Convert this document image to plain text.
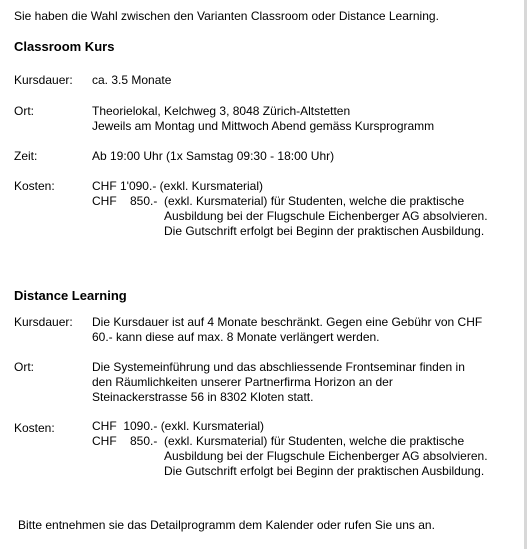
Sie haben die Wahl zwischen den Varianten Classroom oder Distance Learning.
Classroom Kurs
Kursdauer: ca. 3.5 Monate
Ort:	Theorielokal, Kelchweg 3, 8048 Zürich-Altstetten
Jeweils am Montag und Mittwoch Abend gemäss Kursprogramm
Zeit:	Ab 19:00 Uhr (1x Samstag 09:30 - 18:00 Uhr)
Kosten:	CHF 1'090.- (exkl. Kursmaterial)
CHF    850.- (exkl. Kursmaterial) für Studenten, welche die praktische
Ausbildung bei der Flugschule Eichenberger AG absolvieren.
Die Gutschrift erfolgt bei Beginn der praktischen Ausbildung.
Distance Learning
Kursdauer: Die Kursdauer ist auf 4 Monate beschränkt. Gegen eine Gebühr von CHF
60.- kann diese auf max. 8 Monate verlängert werden.
Ort:	Die Systemeinführung und das abschliessende Frontseminar finden in
den Räumlichkeiten unserer Partnerfirma Horizon an der
Steinackerstrasse 56 in 8302 Kloten statt.
Kosten:	CHF  1090.- (exkl. Kursmaterial)
CHF    850.- (exkl. Kursmaterial) für Studenten, welche die praktische
Ausbildung bei der Flugschule Eichenberger AG absolvieren.
Die Gutschrift erfolgt bei Beginn der praktischen Ausbildung.
Bitte entnehmen sie das Detailprogramm dem Kalender oder rufen Sie uns an.
